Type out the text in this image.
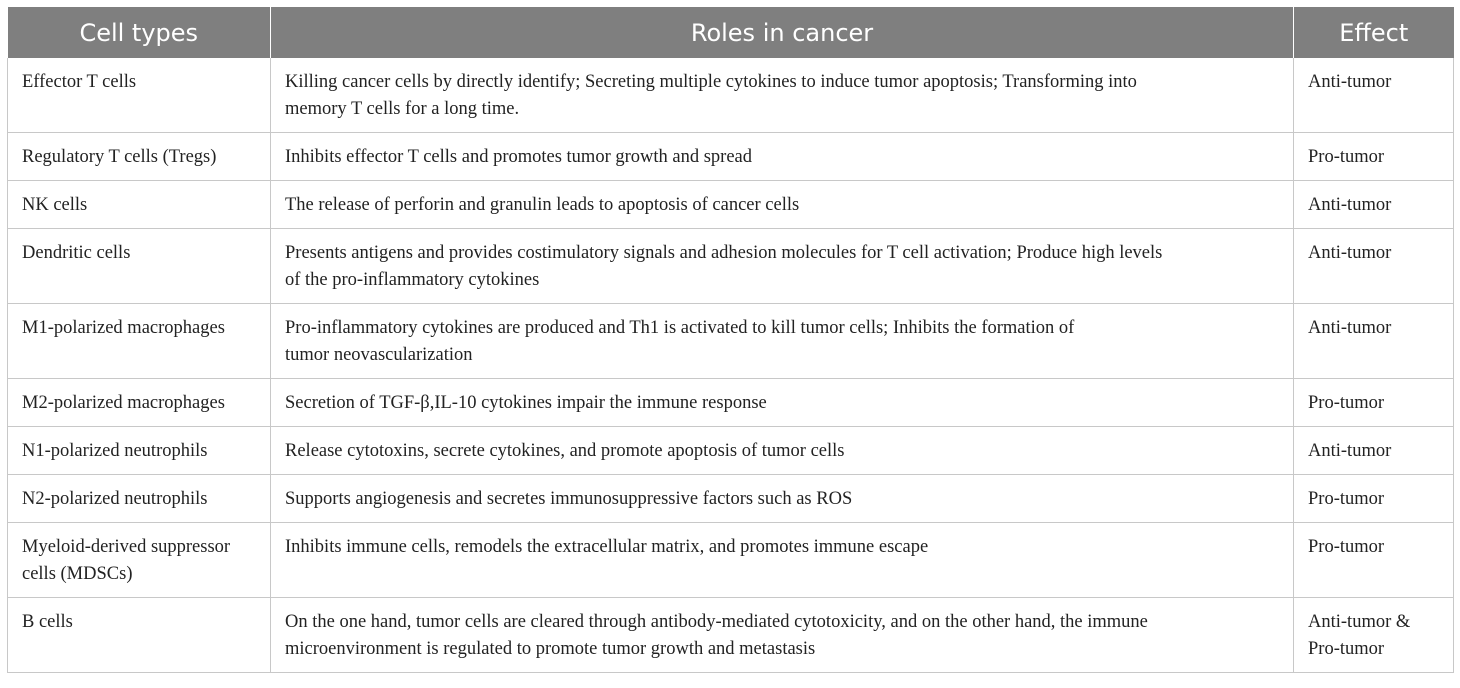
Cell types	Roles in cancer	Effect

Effector T cells	Killing cancer cells by directly identify; Secreting multiple cytokines to induce tumor apoptosis; Transforming into
memory T cells for a long time.	Anti-tumor

Regulatory T cells (Tregs)	Inhibits effector T cells and promotes tumor growth and spread	Pro-tumor

NK cells	The release of perforin and granulin leads to apoptosis of cancer cells	Anti-tumor

Dendritic cells	Presents antigens and provides costimulatory signals and adhesion molecules for T cell activation; Produce high levels
of the pro-inflammatory cytokines	Anti-tumor

M1-polarized macrophages	Pro-inflammatory cytokines are produced and Th1 is activated to kill tumor cells; Inhibits the formation of
tumor neovascularization	Anti-tumor

M2-polarized macrophages	Secretion of TGF-β,IL-10 cytokines impair the immune response	Pro-tumor

N1-polarized neutrophils	Release cytotoxins, secrete cytokines, and promote apoptosis of tumor cells	Anti-tumor

N2-polarized neutrophils	Supports angiogenesis and secretes immunosuppressive factors such as ROS	Pro-tumor

Myeloid-derived suppressor
cells (MDSCs)	Inhibits immune cells, remodels the extracellular matrix, and promotes immune escape	Pro-tumor

B cells	On the one hand, tumor cells are cleared through antibody-mediated cytotoxicity, and on the other hand, the immune
microenvironment is regulated to promote tumor growth and metastasis	Anti-tumor &
Pro-tumor
